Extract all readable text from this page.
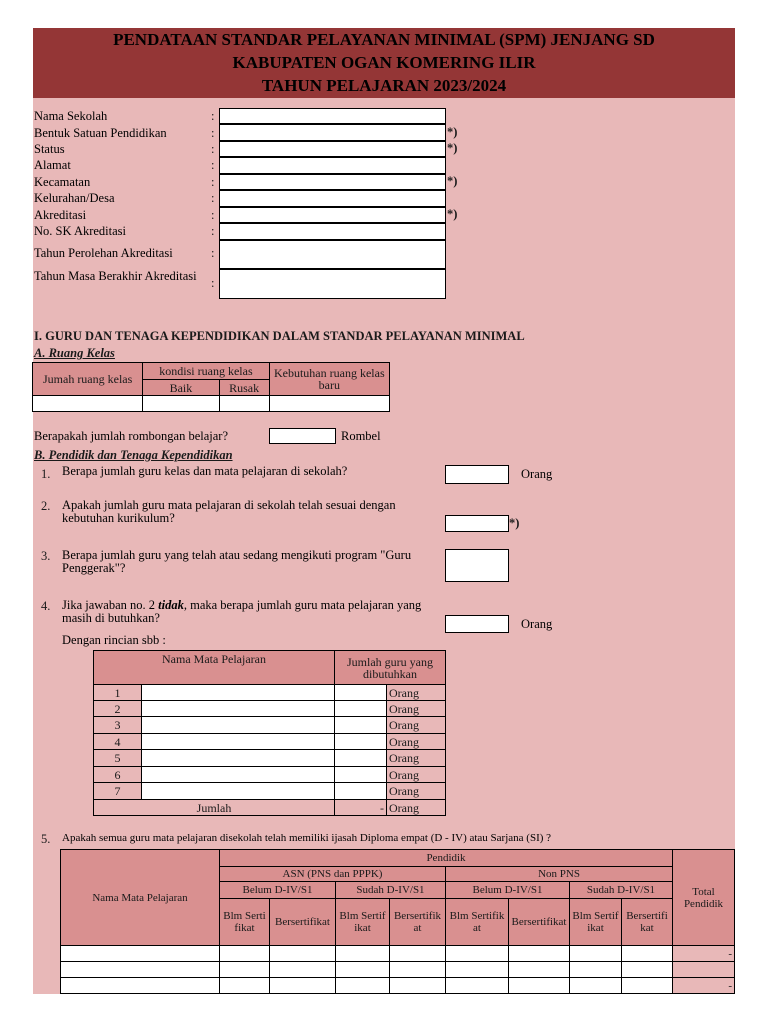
PENDATAAN STANDAR PELAYANAN MINIMAL (SPM) JENJANG SD
KABUPATEN OGAN KOMERING ILIR
TAHUN PELAJARAN 2023/2024
Nama Sekolah	:
Bentuk Satuan Pendidikan	:	*)
Status	:	*)
Alamat	:
Kecamatan	:	*)
Kelurahan/Desa	:
Akreditasi	:	*)
No. SK Akreditasi	:
Tahun Perolehan Akreditasi	:
Tahun Masa Berakhir Akreditasi	:
I. GURU DAN TENAGA KEPENDIDIKAN DALAM STANDAR PELAYANAN MINIMAL
A. Ruang Kelas
Jumah ruang kelas	kondisi ruang kelas		Kebutuhan ruang kelas baru
	Baik	Rusak	

Berapakah jumlah rombongan belajar?	Rombel
B. Pendidik dan Tenaga Kependidikan
1. Berapa jumlah guru kelas dan mata pelajaran di sekolah?	Orang
2. Apakah jumlah guru mata pelajaran di sekolah telah sesuai dengan kebutuhan kurikulum?	*)
3. Berapa jumlah guru yang telah atau sedang mengikuti program "Guru Penggerak"?
4. Jika jawaban no. 2 tidak, maka berapa jumlah guru mata pelajaran yang masih di butuhkan?	Orang
Dengan rincian sbb :
Nama Mata Pelajaran		Jumlah guru yang dibutuhkan	
1			Orang
2			Orang
3			Orang
4			Orang
5			Orang
6			Orang
7			Orang
Jumlah		-	Orang
5. Apakah semua guru mata pelajaran disekolah telah memiliki ijasah Diploma empat (D - IV) atau Sarjana (SI) ?
Nama Mata Pelajaran	Pendidik								Total Pendidik
	ASN (PNS dan PPPK)				Non PNS				
	Belum D-IV/S1		Sudah D-IV/S1		Belum D-IV/S1		Sudah D-IV/S1		
	Blm Sertifikat	Bersertifikat	Blm Sertifikat	Bersertifikat	Blm Sertifikat	Bersertifikat	Blm Sertifikat	Bersertifikat	
									-

									-
